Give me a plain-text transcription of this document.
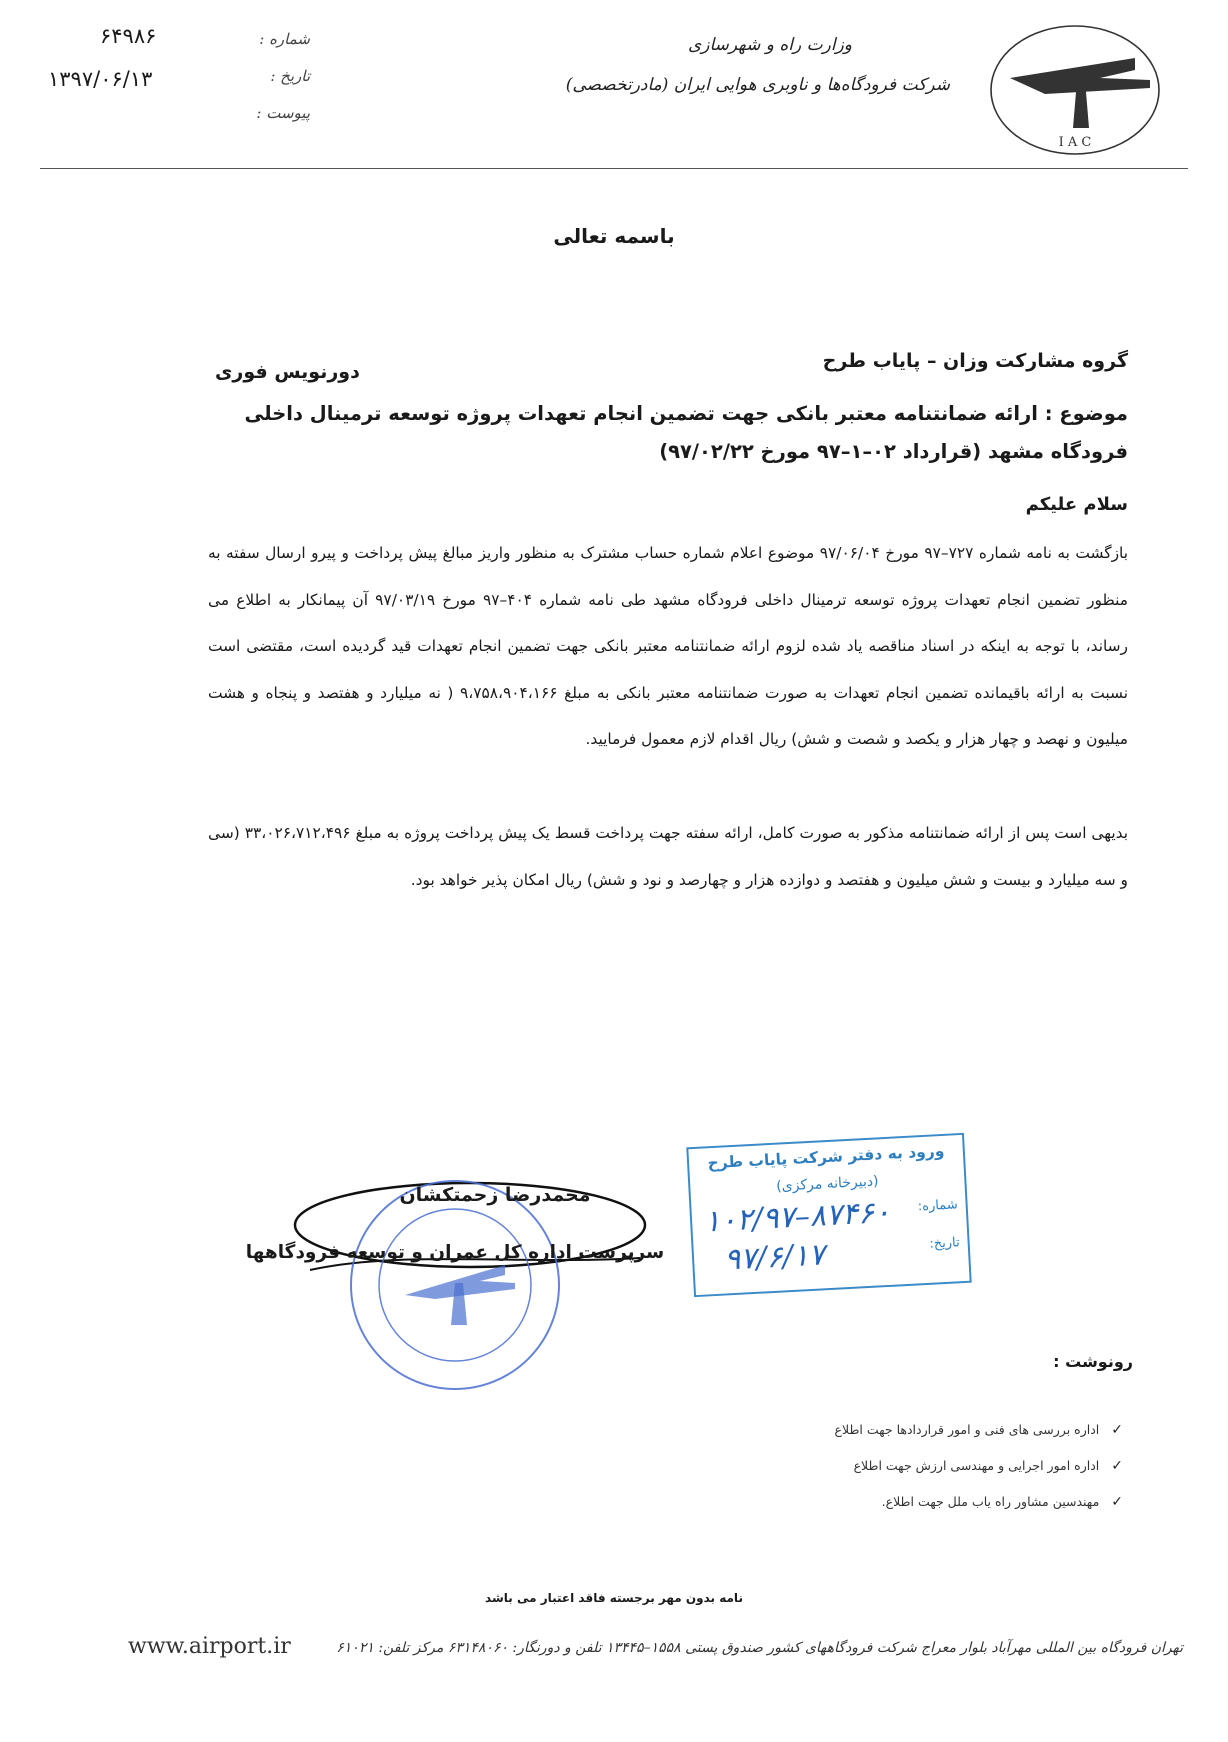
I A C
وزارت راه و شهرسازی
شرکت فرودگاه‌ها و ناوبری هوایی ایران (مادرتخصصی)
شماره :
تاریخ :
پیوست :
۶۴۹۸۶
۱۳۹۷/۰۶/۱۳
باسمه تعالی
گروه مشارکت وزان – پایاب طرح
دورنویس فوری
موضوع : ارائه ضمانتنامه معتبر بانکی جهت تضمین انجام تعهدات پروژه توسعه ترمینال داخلی فرودگاه مشهد (قرارداد ۰۲–۱–۹۷ مورخ ۹۷/۰۲/۲۲)
سلام علیکم
بازگشت به نامه شماره ۷۲۷–۹۷ مورخ ۹۷/۰۶/۰۴ موضوع اعلام شماره حساب مشترک به منظور واریز مبالغ پیش پرداخت و پیرو ارسال سفته به منظور تضمین انجام تعهدات پروژه توسعه ترمینال داخلی فرودگاه مشهد طی نامه شماره ۴۰۴–۹۷ مورخ ۹۷/۰۳/۱۹ آن پیمانکار به اطلاع می رساند، با توجه به اینکه در اسناد مناقصه یاد شده لزوم ارائه ضمانتنامه معتبر بانکی جهت تضمین انجام تعهدات قید گردیده است، مقتضی است نسبت به ارائه باقیمانده تضمین انجام تعهدات به صورت ضمانتنامه معتبر بانکی به مبلغ ۹،۷۵۸،۹۰۴،۱۶۶ ( نه میلیارد و هفتصد و پنجاه و هشت میلیون و نهصد و چهار هزار و یکصد و شصت و شش) ریال اقدام لازم معمول فرمایید.
بدیهی است پس از ارائه ضمانتنامه مذکور به صورت کامل، ارائه سفته جهت پرداخت قسط یک پیش پرداخت پروژه به مبلغ ۳۳،۰۲۶،۷۱۲،۴۹۶ (سی و سه میلیارد و بیست و شش میلیون و هفتصد و دوازده هزار و چهارصد و نود و شش) ریال امکان پذیر خواهد بود.
محمدرضا زحمتکشان
سرپرست اداره کل عمران و توسعه فرودگاهها
ورود به دفتر شرکت پایاب طرح
(دبیرخانه مرکزی)
شماره:
تاریخ:
۱۰۲/۹۷–۸۷۴۶۰
۹۷/۶/۱۷
رونوشت :
✓اداره بررسی های فنی و امور قراردادها جهت اطلاع
✓اداره امور اجرایی و مهندسی ارزش جهت اطلاع
✓مهندسین مشاور راه یاب ملل جهت اطلاع.
نامه بدون مهر برجسته فاقد اعتبار می باشد
تهران فرودگاه بین المللی مهرآباد بلوار معراج شرکت فرودگاههای کشور صندوق پستی ۱۵۵۸–۱۳۴۴۵ تلفن و دورنگار: ۶۳۱۴۸۰۶۰ مرکز تلفن: ۶۱۰۲۱
www.airport.ir
